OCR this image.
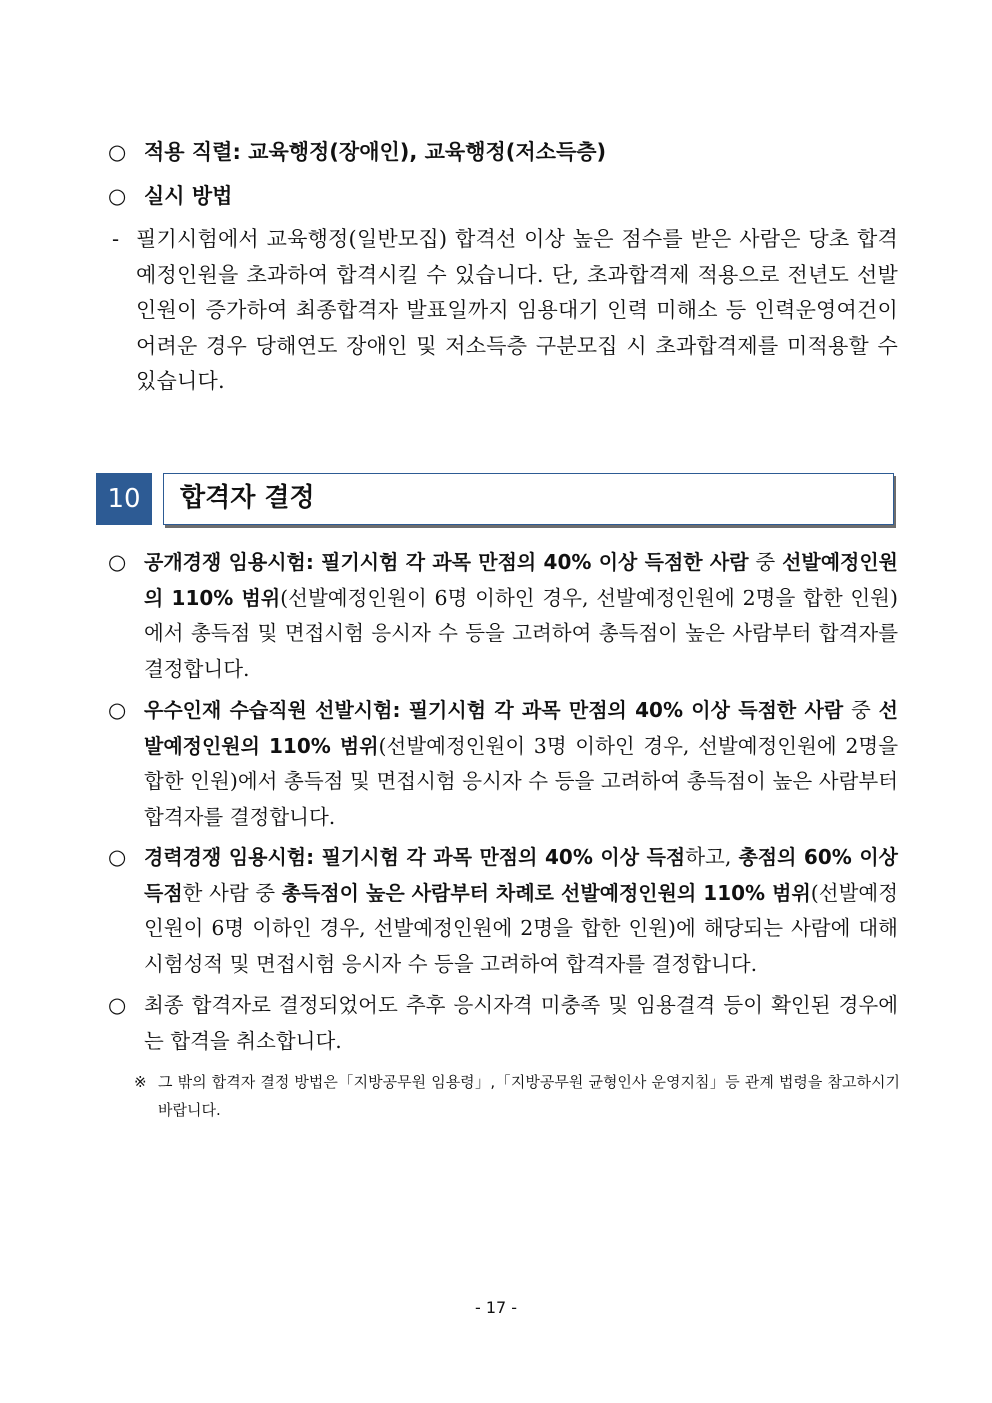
○ 적용 직렬: 교육행정(장애인), 교육행정(저소득층)
○ 실시 방법
- 필기시험에서 교육행정(일반모집) 합격선 이상 높은 점수를 받은 사람은 당초 합격예정인원을 초과하여 합격시킬 수 있습니다. 단, 초과합격제 적용으로 전년도 선발인원이 증가하여 최종합격자 발표일까지 임용대기 인력 미해소 등 인력운영여건이 어려운 경우 당해연도 장애인 및 저소득층 구분모집 시 초과합격제를 미적용할 수 있습니다.
10	합격자 결정
○ 공개경쟁 임용시험: 필기시험 각 과목 만점의 40% 이상 득점한 사람 중 선발예정인원의 110% 범위(선발예정인원이 6명 이하인 경우, 선발예정인원에 2명을 합한 인원)에서 총득점 및 면접시험 응시자 수 등을 고려하여 총득점이 높은 사람부터 합격자를 결정합니다.
○ 우수인재 수습직원 선발시험: 필기시험 각 과목 만점의 40% 이상 득점한 사람 중 선발예정인원의 110% 범위(선발예정인원이 3명 이하인 경우, 선발예정인원에 2명을 합한 인원)에서 총득점 및 면접시험 응시자 수 등을 고려하여 총득점이 높은 사람부터 합격자를 결정합니다.
○ 경력경쟁 임용시험: 필기시험 각 과목 만점의 40% 이상 득점하고, 총점의 60% 이상 득점한 사람 중 총득점이 높은 사람부터 차례로 선발예정인원의 110% 범위(선발예정인원이 6명 이하인 경우, 선발예정인원에 2명을 합한 인원)에 해당되는 사람에 대해 시험성적 및 면접시험 응시자 수 등을 고려하여 합격자를 결정합니다.
○ 최종 합격자로 결정되었어도 추후 응시자격 미충족 및 임용결격 등이 확인된 경우에는 합격을 취소합니다.
※ 그 밖의 합격자 결정 방법은「지방공무원 임용령」,「지방공무원 균형인사 운영지침」등 관계 법령을 참고하시기 바랍니다.
- 17 -
